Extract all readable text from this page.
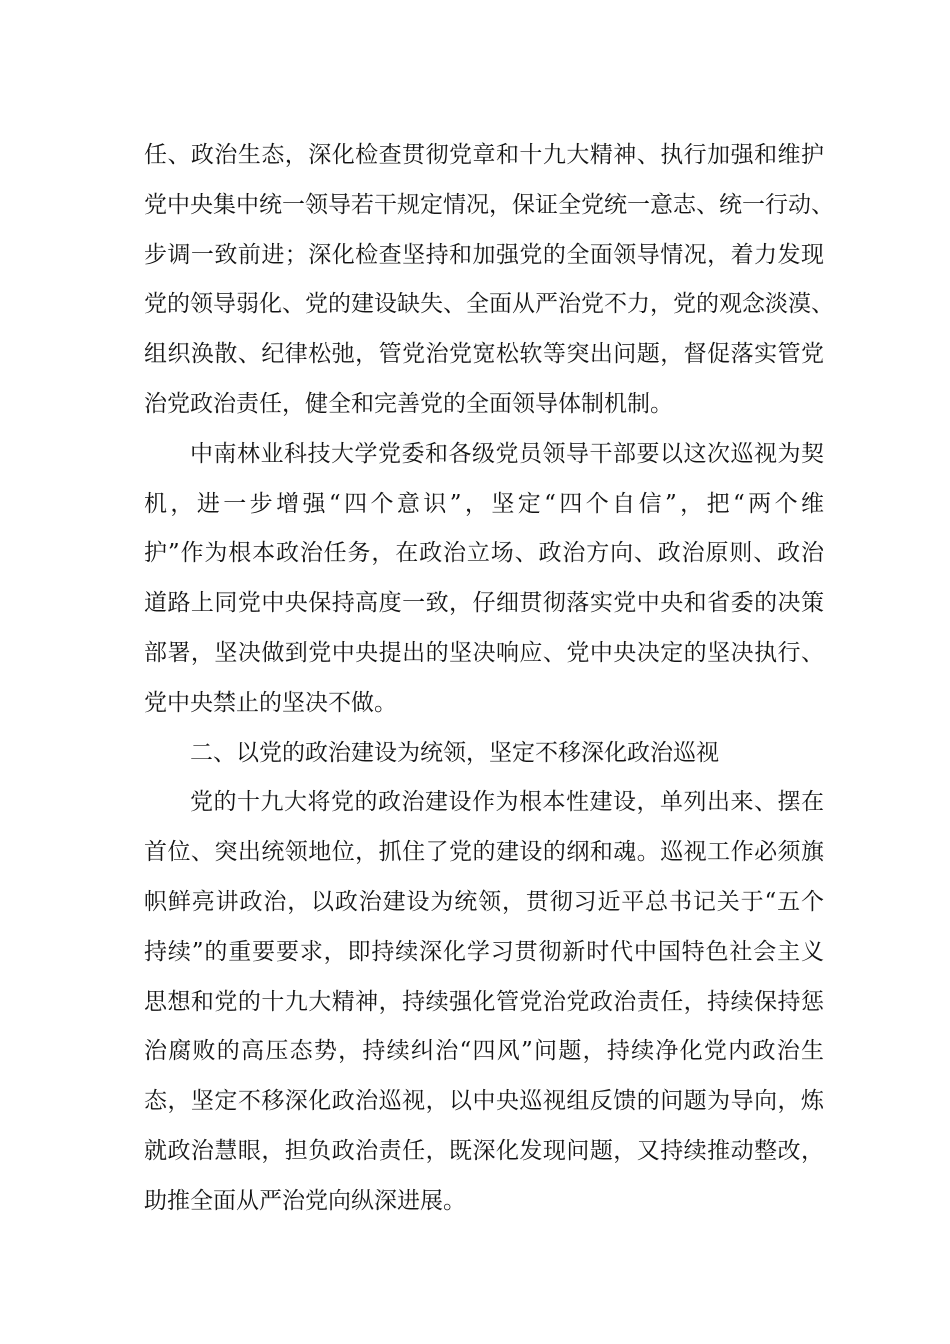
任、政治生态，深化检查贯彻党章和十九大精神、执行加强和维护
党中央集中统一领导若干规定情况，保证全党统一意志、统一行动、
步调一致前进；深化检查坚持和加强党的全面领导情况，着力发现
党的领导弱化、党的建设缺失、全面从严治党不力，党的观念淡漠、
组织涣散、纪律松弛，管党治党宽松软等突出问题，督促落实管党
治党政治责任，健全和完善党的全面领导体制机制。
中南林业科技大学党委和各级党员领导干部要以这次巡视为契
机，进一步增强“四个意识”，坚定“四个自信”，把“两个维
护”作为根本政治任务，在政治立场、政治方向、政治原则、政治
道路上同党中央保持高度一致，仔细贯彻落实党中央和省委的决策
部署，坚决做到党中央提出的坚决响应、党中央决定的坚决执行、
党中央禁止的坚决不做。
二、以党的政治建设为统领，坚定不移深化政治巡视
党的十九大将党的政治建设作为根本性建设，单列出来、摆在
首位、突出统领地位，抓住了党的建设的纲和魂。巡视工作必须旗
帜鲜亮讲政治，以政治建设为统领，贯彻习近平总书记关于“五个
持续”的重要要求，即持续深化学习贯彻新时代中国特色社会主义
思想和党的十九大精神，持续强化管党治党政治责任，持续保持惩
治腐败的高压态势，持续纠治“四风”问题，持续净化党内政治生
态，坚定不移深化政治巡视，以中央巡视组反馈的问题为导向，炼
就政治慧眼，担负政治责任，既深化发现问题，又持续推动整改，
助推全面从严治党向纵深进展。
